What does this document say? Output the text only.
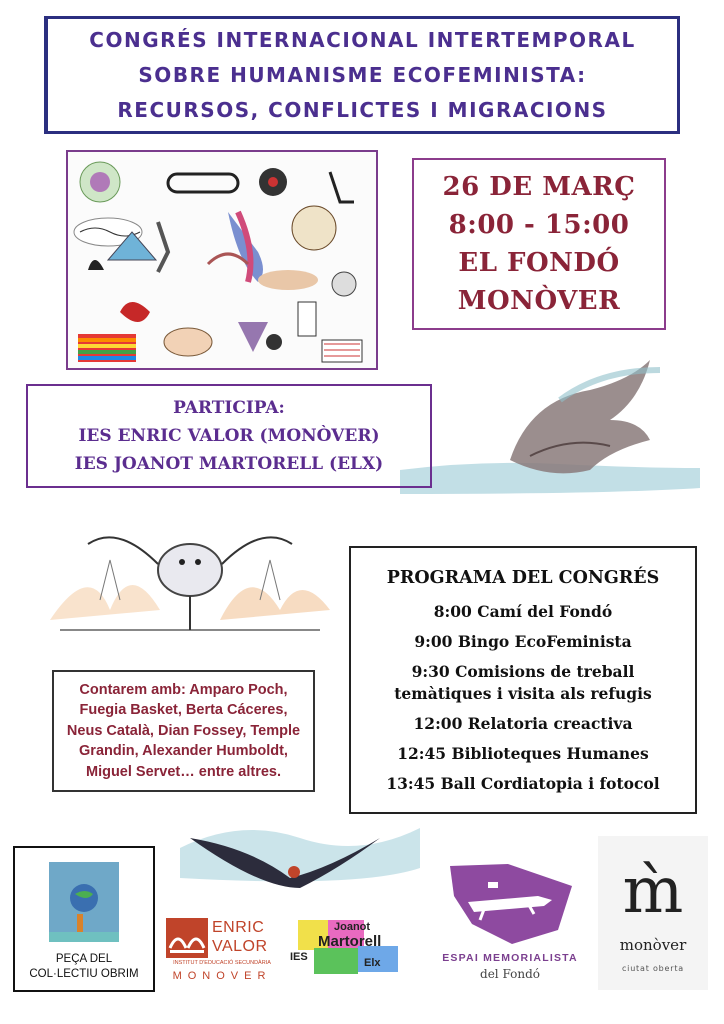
CONGRÉS INTERNACIONAL INTERTEMPORAL
SOBRE HUMANISME ECOFEMINISTA:
RECURSOS, CONFLICTES I MIGRACIONS
26 DE MARÇ
8:00 - 15:00
EL FONDÓ
MONÒVER
PARTICIPA:
IES ENRIC VALOR (MONÒVER)
IES JOANOT MARTORELL (ELX)
PROGRAMA DEL CONGRÉS
8:00 Camí del Fondó
9:00 Bingo EcoFeminista
9:30 Comisions de treball
temàtiques i visita als refugis
12:00 Relatoria creactiva
12:45 Biblioteques Humanes
13:45 Ball Cordiatopia i fotocol
Contarem amb: Amparo Poch,
Fuegia Basket, Berta Cáceres,
Neus Català, Dian Fossey, Temple
Grandin, Alexander Humboldt,
Miguel Servet… entre altres.
PEÇA DEL
COL·LECTIU OBRIM
ENRIC
VALOR
INSTITUT D'EDUCACIÓ SECUNDÀRIA
MONOVER
IES
Joanot
Martorell
Elx	ESPAI MEMORIALISTA
del Fondó
m̀
monòver
ciutat oberta
